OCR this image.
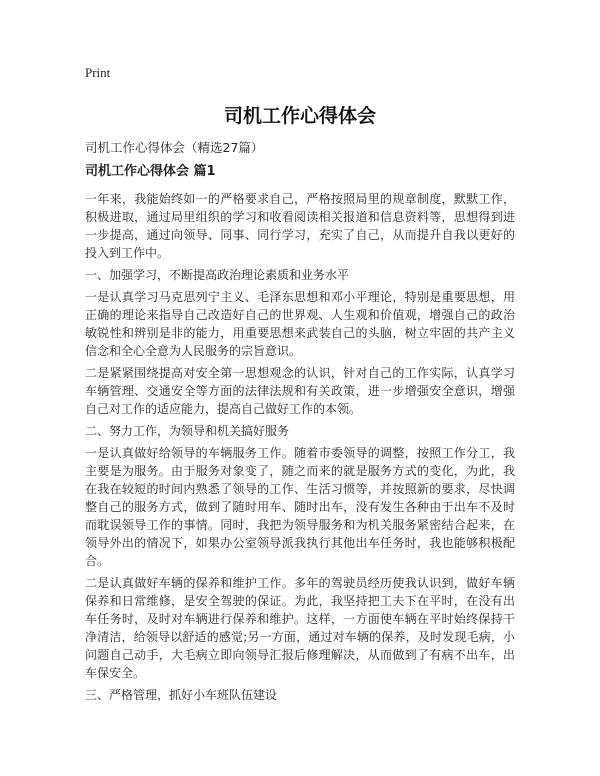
Print
司机工作心得体会

司机工作心得体会（精选27篇）

司机工作心得体会 篇1

一年来，我能始终如一的严格要求自己，严格按照局里的规章制度，默默工作，积极进取，通过局里组织的学习和收看阅读相关报道和信息资料等，思想得到进一步提高，通过向领导、同事、同行学习，充实了自己，从而提升自我以更好的投入到工作中。

一、加强学习，不断提高政治理论素质和业务水平

一是认真学习马克思列宁主义、毛泽东思想和邓小平理论，特别是重要思想，用正确的理论来指导自己改造好自己的世界观、人生观和价值观，增强自己的政治敏锐性和辨别是非的能力，用重要思想来武装自己的头脑，树立牢固的共产主义信念和全心全意为人民服务的宗旨意识。

二是紧紧围绕提高对安全第一思想观念的认识，针对自己的工作实际，认真学习车辆管理、交通安全等方面的法律法规和有关政策，进一步增强安全意识，增强自己对工作的适应能力，提高自己做好工作的本领。

二、努力工作，为领导和机关搞好服务

一是认真做好给领导的车辆服务工作。随着市委领导的调整，按照工作分工，我主要是为服务。由于服务对象变了，随之而来的就是服务方式的变化，为此，我在我在较短的时间内熟悉了领导的工作、生活习惯等，并按照新的要求，尽快调整自己的服务方式，做到了随时用车、随时出车，没有发生各种由于出车不及时而耽误领导工作的事情。同时，我把为领导服务和为机关服务紧密结合起来，在领导外出的情况下，如果办公室领导派我执行其他出车任务时，我也能够积极配合。

二是认真做好车辆的保养和维护工作。多年的驾驶员经历使我认识到，做好车辆保养和日常维修，是安全驾驶的保证。为此，我坚持把工夫下在平时，在没有出车任务时，及时对车辆进行保养和维护。这样，一方面使车辆在平时始终保持干净清洁，给领导以舒适的感觉;另一方面，通过对车辆的保养，及时发现毛病，小问题自己动手，大毛病立即向领导汇报后修理解决，从而做到了有病不出车，出车保安全。

三、严格管理，抓好小车班队伍建设
